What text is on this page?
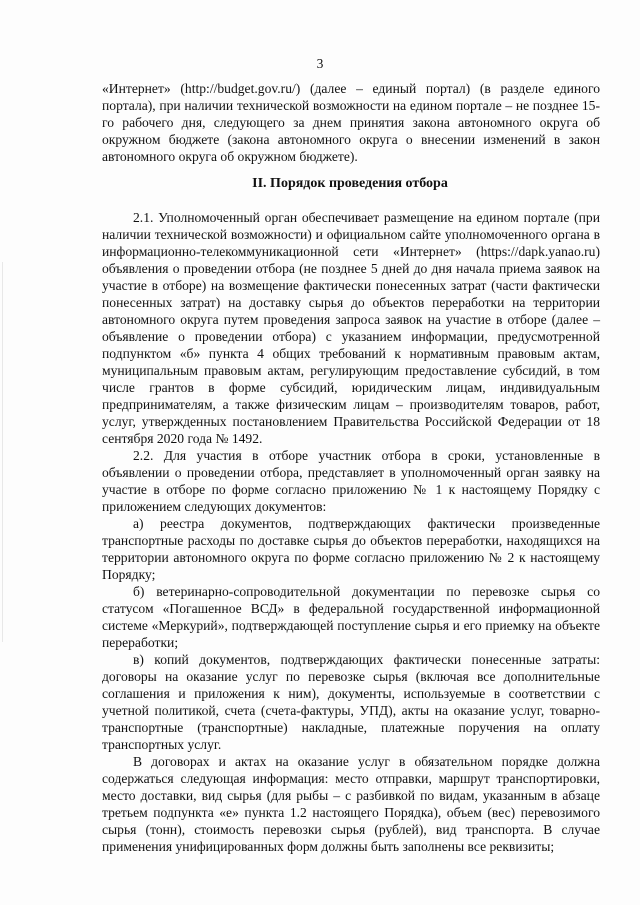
3

«Интернет» (http://budget.gov.ru/) (далее – единый портал) (в разделе единого портала), при наличии технической возможности на едином портале – не позднее 15-го рабочего дня, следующего за днем принятия закона автономного округа об окружном бюджете (закона автономного округа о внесении изменений в закон автономного округа об окружном бюджете).

II. Порядок проведения отбора

2.1. Уполномоченный орган обеспечивает размещение на едином портале (при наличии технической возможности) и официальном сайте уполномоченного органа в информационно-телекоммуникационной сети «Интернет» (https://dapk.yanao.ru) объявления о проведении отбора (не позднее 5 дней до дня начала приема заявок на участие в отборе) на возмещение фактически понесенных затрат (части фактически понесенных затрат) на доставку сырья до объектов переработки на территории автономного округа путем проведения запроса заявок на участие в отборе (далее – объявление о проведении отбора) с указанием информации, предусмотренной подпунктом «б» пункта 4 общих требований к нормативным правовым актам, муниципальным правовым актам, регулирующим предоставление субсидий, в том числе грантов в форме субсидий, юридическим лицам, индивидуальным предпринимателям, а также физическим лицам – производителям товаров, работ, услуг, утвержденных постановлением Правительства Российской Федерации от 18 сентября 2020 года № 1492.

2.2. Для участия в отборе участник отбора в сроки, установленные в объявлении о проведении отбора, представляет в уполномоченный орган заявку на участие в отборе по форме согласно приложению № 1 к настоящему Порядку с приложением следующих документов:

а) реестра документов, подтверждающих фактически произведенные транспортные расходы по доставке сырья до объектов переработки, находящихся на территории автономного округа по форме согласно приложению № 2 к настоящему Порядку;

б) ветеринарно-сопроводительной документации по перевозке сырья со статусом «Погашенное ВСД» в федеральной государственной информационной системе «Меркурий», подтверждающей поступление сырья и его приемку на объекте переработки;

в) копий документов, подтверждающих фактически понесенные затраты: договоры на оказание услуг по перевозке сырья (включая все дополнительные соглашения и приложения к ним), документы, используемые в соответствии с учетной политикой, счета (счета-фактуры, УПД), акты на оказание услуг, товарно-транспортные (транспортные) накладные, платежные поручения на оплату транспортных услуг.

В договорах и актах на оказание услуг в обязательном порядке должна содержаться следующая информация: место отправки, маршрут транспортировки, место доставки, вид сырья (для рыбы – с разбивкой по видам, указанным в абзаце третьем подпункта «е» пункта 1.2 настоящего Порядка), объем (вес) перевозимого сырья (тонн), стоимость перевозки сырья (рублей), вид транспорта. В случае применения унифицированных форм должны быть заполнены все реквизиты;
